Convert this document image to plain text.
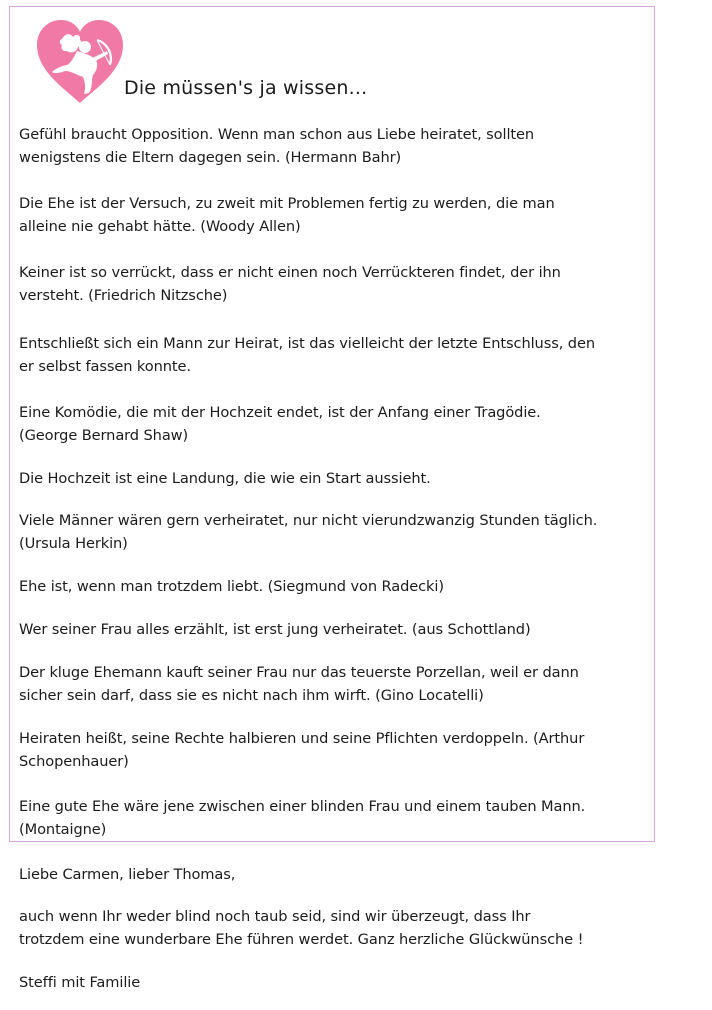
Die müssen's ja wissen...
Gefühl braucht Opposition. Wenn man schon aus Liebe heiratet, sollten
wenigstens die Eltern dagegen sein. (Hermann Bahr)
Die Ehe ist der Versuch, zu zweit mit Problemen fertig zu werden, die man
alleine nie gehabt hätte. (Woody Allen)
Keiner ist so verrückt, dass er nicht einen noch Verrückteren findet, der ihn
versteht. (Friedrich Nitzsche)
Entschließt sich ein Mann zur Heirat, ist das vielleicht der letzte Entschluss, den
er selbst fassen konnte.
Eine Komödie, die mit der Hochzeit endet, ist der Anfang einer Tragödie.
(George Bernard Shaw)
Die Hochzeit ist eine Landung, die wie ein Start aussieht.
Viele Männer wären gern verheiratet, nur nicht vierundzwanzig Stunden täglich.
(Ursula Herkin)
Ehe ist, wenn man trotzdem liebt. (Siegmund von Radecki)
Wer seiner Frau alles erzählt, ist erst jung verheiratet. (aus Schottland)
Der kluge Ehemann kauft seiner Frau nur das teuerste Porzellan, weil er dann
sicher sein darf, dass sie es nicht nach ihm wirft. (Gino Locatelli)
Heiraten heißt, seine Rechte halbieren und seine Pflichten verdoppeln. (Arthur
Schopenhauer)
Eine gute Ehe wäre jene zwischen einer blinden Frau und einem tauben Mann.
(Montaigne)
Liebe Carmen, lieber Thomas,
auch wenn Ihr weder blind noch taub seid, sind wir überzeugt, dass Ihr
trotzdem eine wunderbare Ehe führen werdet. Ganz herzliche Glückwünsche !
Steffi mit Familie
